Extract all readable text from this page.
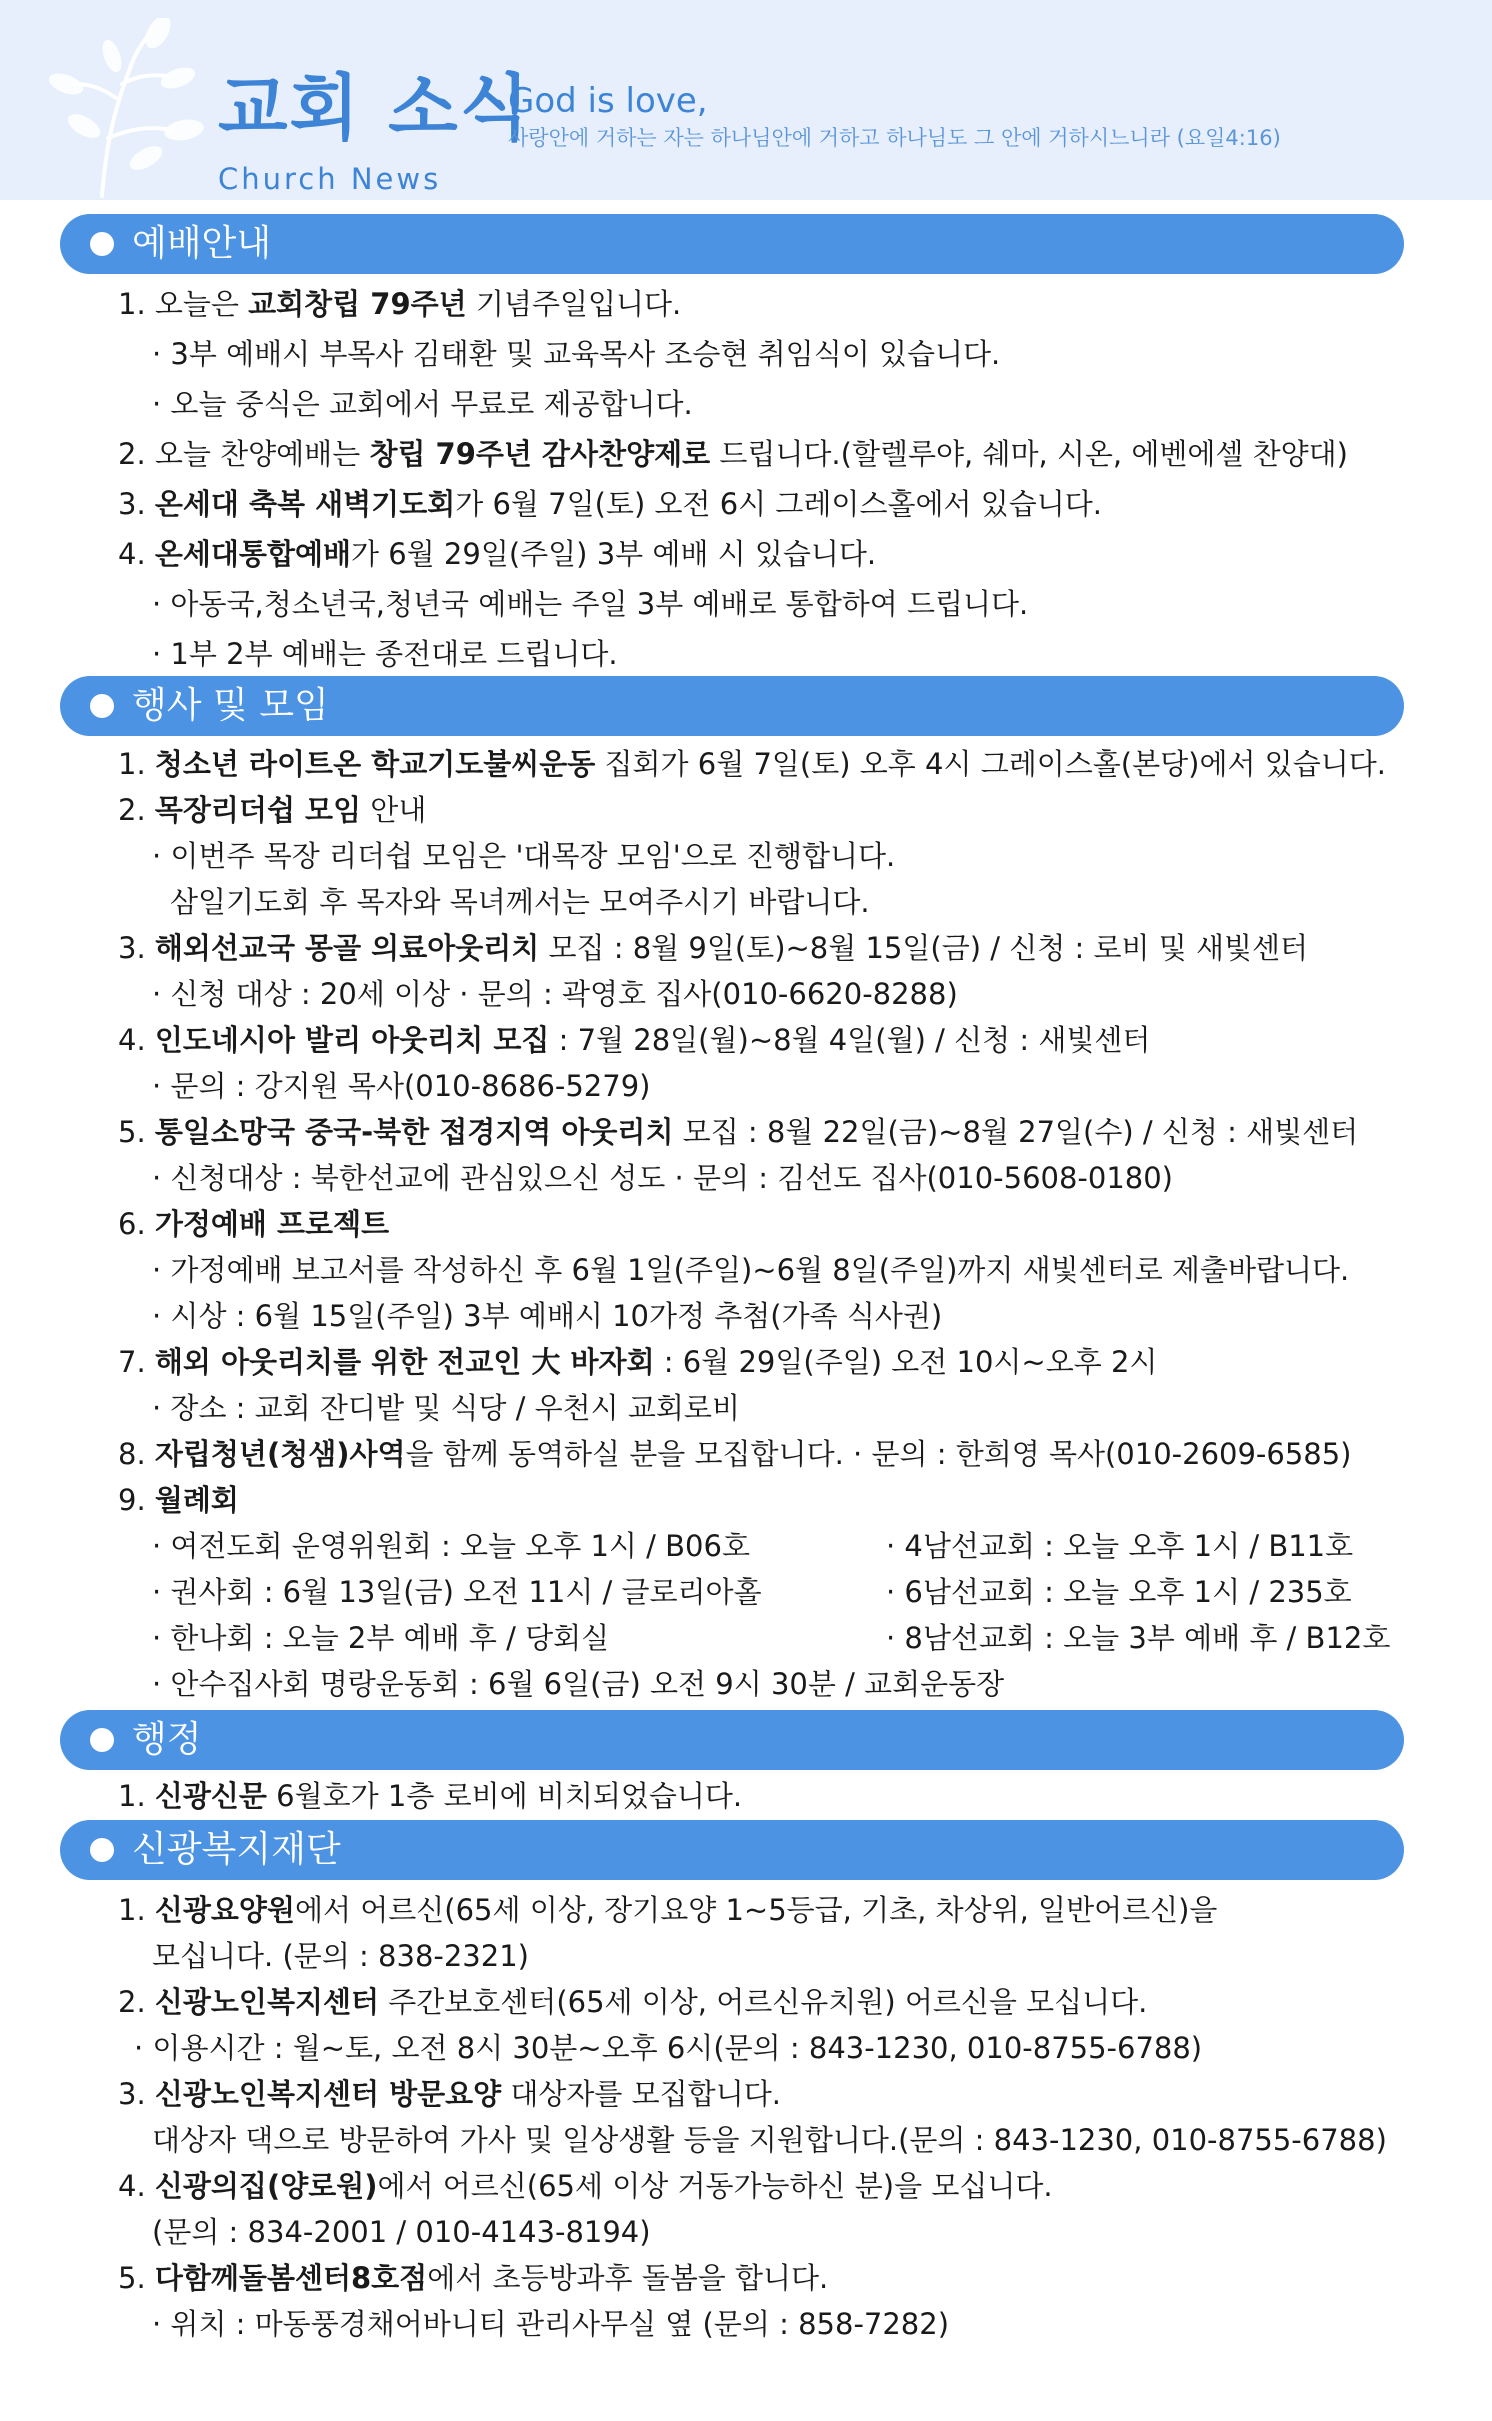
교회 소식
Church News
God is love,
사랑안에 거하는 자는 하나님안에 거하고 하나님도 그 안에 거하시느니라 (요일4:16)
예배안내
1. 오늘은 교회창립 79주년 기념주일입니다.
· 3부 예배시 부목사 김태환 및 교육목사 조승현 취임식이 있습니다.
· 오늘 중식은 교회에서 무료로 제공합니다.
2. 오늘 찬양예배는 창립 79주년 감사찬양제로 드립니다.(할렐루야, 쉐마, 시온, 에벤에셀 찬양대)
3. 온세대 축복 새벽기도회가 6월 7일(토) 오전 6시 그레이스홀에서 있습니다.
4. 온세대통합예배가 6월 29일(주일) 3부 예배 시 있습니다.
· 아동국,청소년국,청년국 예배는 주일 3부 예배로 통합하여 드립니다.
· 1부 2부 예배는 종전대로 드립니다.
행사 및 모임
1. 청소년 라이트온 학교기도불씨운동 집회가 6월 7일(토) 오후 4시 그레이스홀(본당)에서 있습니다.
2. 목장리더쉽 모임 안내
· 이번주 목장 리더쉽 모임은 '대목장 모임'으로 진행합니다.
삼일기도회 후 목자와 목녀께서는 모여주시기 바랍니다.
3. 해외선교국 몽골 의료아웃리치 모집 : 8월 9일(토)~8월 15일(금) / 신청 : 로비 및 새빛센터
· 신청 대상 : 20세 이상 · 문의 : 곽영호 집사(010-6620-8288)
4. 인도네시아 발리 아웃리치 모집 : 7월 28일(월)~8월 4일(월) / 신청 : 새빛센터
· 문의 : 강지원 목사(010-8686-5279)
5. 통일소망국 중국-북한 접경지역 아웃리치 모집 : 8월 22일(금)~8월 27일(수) / 신청 : 새빛센터
· 신청대상 : 북한선교에 관심있으신 성도 · 문의 : 김선도 집사(010-5608-0180)
6. 가정예배 프로젝트
· 가정예배 보고서를 작성하신 후 6월 1일(주일)~6월 8일(주일)까지 새빛센터로 제출바랍니다.
· 시상 : 6월 15일(주일) 3부 예배시 10가정 추첨(가족 식사권)
7. 해외 아웃리치를 위한 전교인 大 바자회 : 6월 29일(주일) 오전 10시~오후 2시
· 장소 : 교회 잔디밭 및 식당 / 우천시 교회로비
8. 자립청년(청샘)사역을 함께 동역하실 분을 모집합니다. · 문의 : 한희영 목사(010-2609-6585)
9. 월례회
· 여전도회 운영위원회 : 오늘 오후 1시 / B06호	· 4남선교회 : 오늘 오후 1시 / B11호
· 권사회 : 6월 13일(금) 오전 11시 / 글로리아홀	· 6남선교회 : 오늘 오후 1시 / 235호
· 한나회 : 오늘 2부 예배 후 / 당회실	· 8남선교회 : 오늘 3부 예배 후 / B12호
· 안수집사회 명랑운동회 : 6월 6일(금) 오전 9시 30분 / 교회운동장
행정
1. 신광신문 6월호가 1층 로비에 비치되었습니다.
신광복지재단
1. 신광요양원에서 어르신(65세 이상, 장기요양 1~5등급, 기초, 차상위, 일반어르신)을
모십니다. (문의 : 838-2321)
2. 신광노인복지센터 주간보호센터(65세 이상, 어르신유치원) 어르신을 모십니다.
· 이용시간 : 월~토, 오전 8시 30분~오후 6시(문의 : 843-1230, 010-8755-6788)
3. 신광노인복지센터 방문요양 대상자를 모집합니다.
대상자 댁으로 방문하여 가사 및 일상생활 등을 지원합니다.(문의 : 843-1230, 010-8755-6788)
4. 신광의집(양로원)에서 어르신(65세 이상 거동가능하신 분)을 모십니다.
(문의 : 834-2001 / 010-4143-8194)
5. 다함께돌봄센터8호점에서 초등방과후 돌봄을 합니다.
· 위치 : 마동풍경채어바니티 관리사무실 옆 (문의 : 858-7282)
